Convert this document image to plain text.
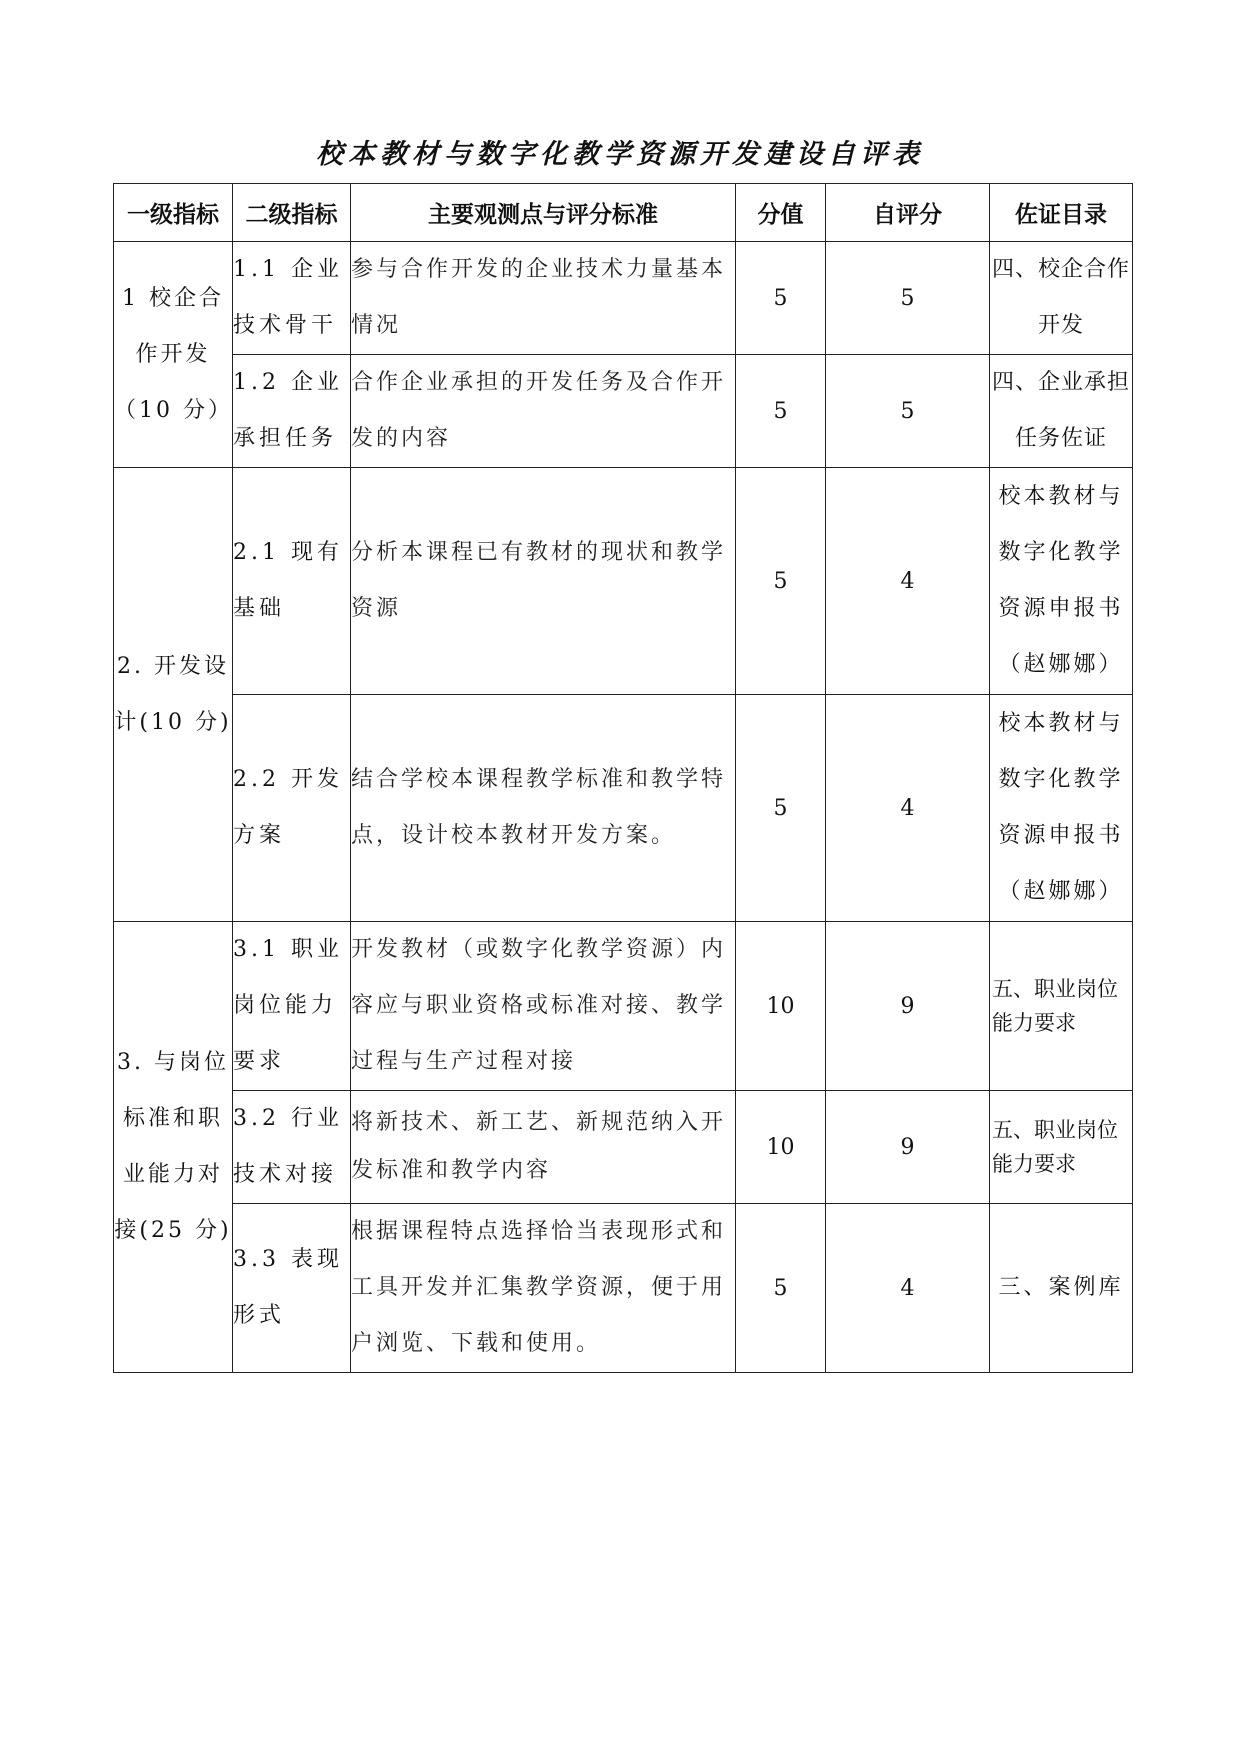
校本教材与数字化教学资源开发建设自评表
一级指标	二级指标	主要观测点与评分标准	分值	自评分	佐证目录
1 校企合作开发（10 分）	1.1 企业技术骨干	参与合作开发的企业技术力量基本情况	5	5	四、校企合作开发
	1.2 企业承担任务	合作企业承担的开发任务及合作开发的内容	5	5	四、企业承担任务佐证
2. 开发设计(10 分)	2.1 现有基础	分析本课程已有教材的现状和教学资源	5	4	校本教材与数字化教学资源申报书（赵娜娜）
	2.2 开发方案	结合学校本课程教学标准和教学特点，设计校本教材开发方案。	5	4	校本教材与数字化教学资源申报书（赵娜娜）
3. 与岗位标准和职业能力对接(25 分)	3.1 职业岗位能力要求	开发教材（或数字化教学资源）内容应与职业资格或标准对接、教学过程与生产过程对接	10	9	五、职业岗位能力要求
	3.2 行业技术对接	将新技术、新工艺、新规范纳入开发标准和教学内容	10	9	五、职业岗位能力要求
	3.3 表现形式	根据课程特点选择恰当表现形式和工具开发并汇集教学资源，便于用户浏览、下载和使用。	5	4	三、案例库
